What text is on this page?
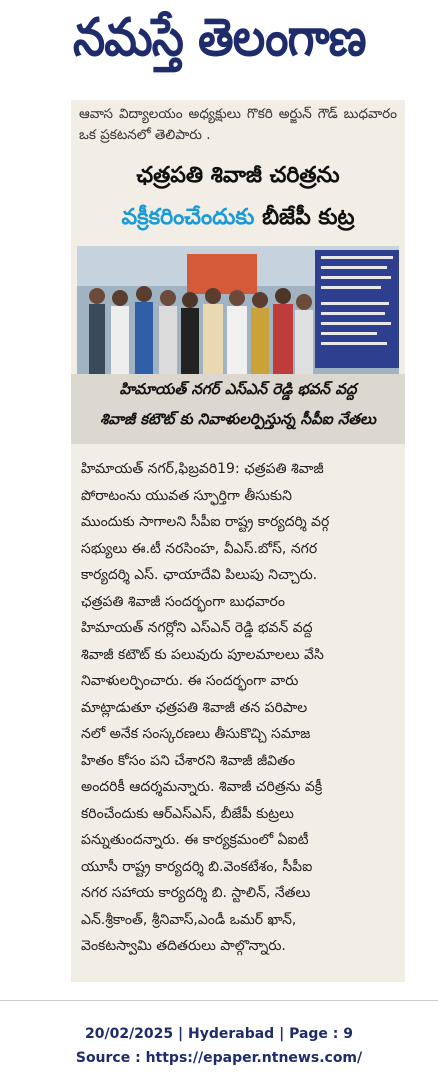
నమస్తే తెలంగాణ
ఆవాస విద్యాలయం అధ్యక్షులు గొకరి అర్జున్ గౌడ్ బుధవారం ఒక ప్రకటనలో తెలిపారు .
ఛత్రపతి శివాజీ చరిత్రను
వక్రీకరించేందుకు బీజేపీ కుట్ర
హిమాయత్ నగర్ ఎస్ఎన్ రెడ్డి భవన్ వద్ద
శివాజీ కటౌట్ కు నివాళులర్పిస్తున్న సీపీఐ నేతలు
హిమాయత్ నగర్,ఫిబ్రవరి19: ఛత్రపతి శివాజీ
పోరాటంను యువత స్ఫూర్తిగా తీసుకుని
ముందుకు సాగాలని సీపీఐ రాష్ట్ర కార్యదర్శి వర్గ
సభ్యులు ఈ.టీ నరసింహ, వీఎస్.బోస్, నగర
కార్యదర్శి ఎస్. ఛాయాదేవి పిలుపు నిచ్చారు.
ఛత్రపతి శివాజీ సందర్భంగా బుధవారం
హిమాయత్ నగర్లోని ఎస్ఎన్ రెడ్డి భవన్ వద్ద
శివాజీ కటౌట్ కు పలువురు పూలమాలలు వేసి
నివాళులర్పించారు. ఈ సందర్భంగా వారు
మాట్లాడుతూ ఛత్రపతి శివాజీ తన పరిపాల
నలో అనేక సంస్కరణలు తీసుకొచ్చి సమాజ
హితం కోసం పని చేశారని శివాజీ జీవితం
అందరికీ ఆదర్శమన్నారు. శివాజీ చరిత్రను వక్రీ
కరించేందుకు ఆర్ఎస్ఎస్, బీజేపీ కుట్రలు
పన్నుతుందన్నారు. ఈ కార్యక్రమంలో ఏఐటీ
యూసీ రాష్ట్ర కార్యదర్శి బి.వెంకటేశం, సీపీఐ
నగర సహాయ కార్యదర్శి బి. స్టాలిన్, నేతలు
ఎన్.శ్రీకాంత్, శ్రీనివాస్,ఎండీ ఒమర్ ఖాన్,
వెంకటస్వామి తదితరులు పాల్గొన్నారు.
20/02/2025 | Hyderabad | Page : 9
Source : https://epaper.ntnews.com/
